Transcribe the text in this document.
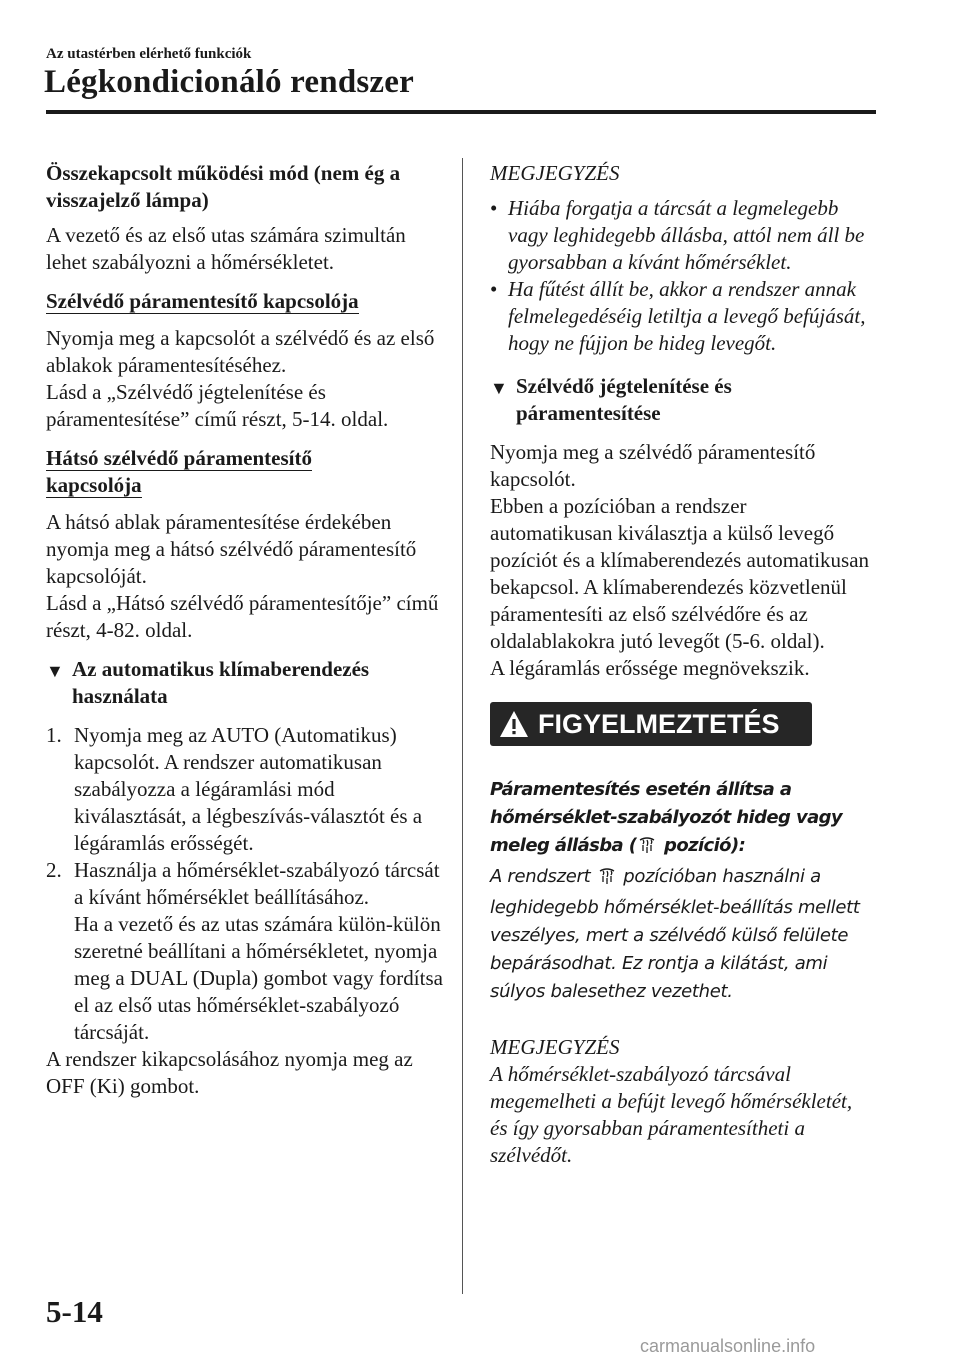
Az utastérben elérhető funkciók
Légkondicionáló rendszer

Összekapcsolt működési mód (nem ég a visszajelző lámpa)

A vezető és az első utas számára szimultán lehet szabályozni a hőmérsékletet.

Szélvédő páramentesítő kapcsolója

Nyomja meg a kapcsolót a szélvédő és az első ablakok páramentesítéséhez.

Lásd a „Szélvédő jégtelenítése és páramentesítése” című részt, 5-14. oldal.

Hátsó szélvédő páramentesítő
kapcsolója

A hátsó ablak páramentesítése érdekében nyomja meg a hátsó szélvédő páramentesítő kapcsolóját.

Lásd a „Hátsó szélvédő páramentesítője” című részt, 4-82. oldal.

▼ Az automatikus klímaberendezés használata
1. Nyomja meg az AUTO (Automatikus) kapcsolót. A rendszer automatikusan szabályozza a légáramlási mód kiválasztását, a légbeszívás-választót és a légáramlás erősségét.
2. Használja a hőmérséklet-szabályozó tárcsát a kívánt hőmérséklet beállításához.
Ha a vezető és az utas számára külön-külön szeretné beállítani a hőmérsékletet, nyomja meg a DUAL (Dupla) gombot vagy fordítsa el az első utas hőmérséklet-szabályozó tárcsáját.

A rendszer kikapcsolásához nyomja meg az OFF (Ki) gombot.

MEGJEGYZÉS

• Hiába forgatja a tárcsát a legmelegebb vagy leghidegebb állásba, attól nem áll be gyorsabban a kívánt hőmérséklet.
• Ha fűtést állít be, akkor a rendszer annak felmelegedéséig letiltja a levegő befújását, hogy ne fújjon be hideg levegőt.
▼ Szélvédő jégtelenítése és páramentesítése

Nyomja meg a szélvédő páramentesítő kapcsolót.

Ebben a pozícióban a rendszer automatikusan kiválasztja a külső levegő pozíciót és a klímaberendezés automatikusan bekapcsol. A klímaberendezés közvetlenül páramentesíti az első szélvédőre és az oldalablakokra jutó levegőt (5-6. oldal).

A légáramlás erőssége megnövekszik.

FIGYELMEZTETÉS
Páramentesítés esetén állítsa a hőmérséklet-szabályozót hideg vagy meleg állásba ( pozíció):
A rendszert  pozícióban használni a leghidegebb hőmérséklet-beállítás mellett veszélyes, mert a szélvédő külső felülete bepárásodhat. Ez rontja a kilátást, ami súlyos balesethez vezethet.

MEGJEGYZÉS

A hőmérséklet-szabályozó tárcsával megemelheti a befújt levegő hőmérsékletét, és így gyorsabban páramentesítheti a szélvédőt.

5-14
carmanualsonline.info
